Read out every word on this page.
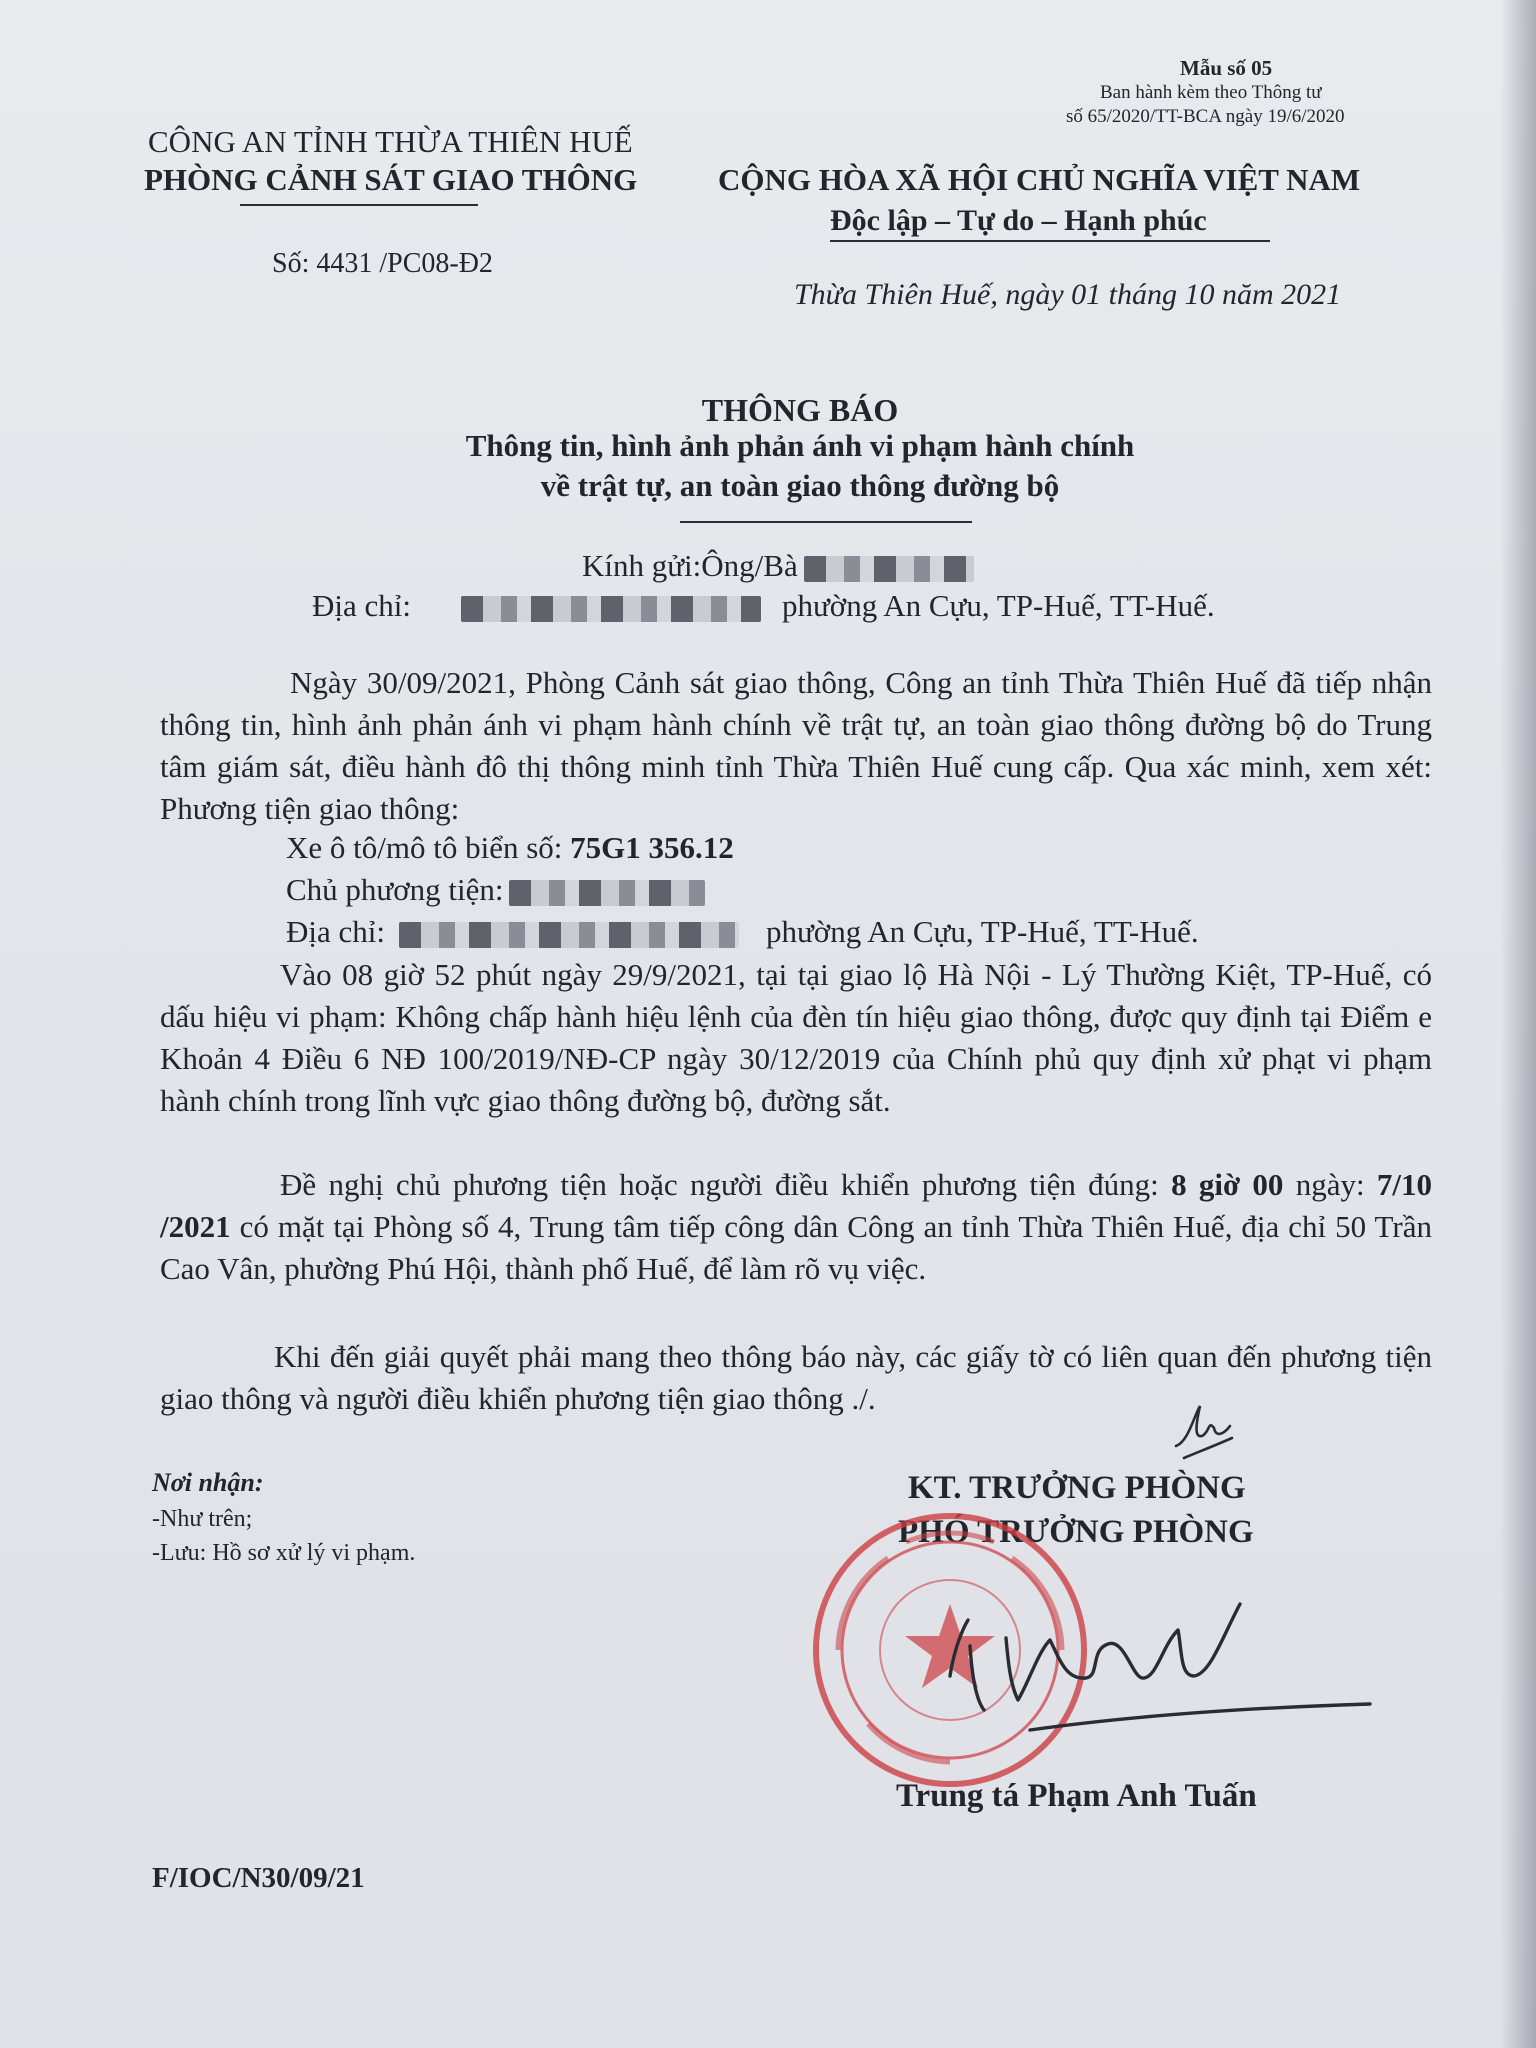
Mẫu số 05
Ban hành kèm theo Thông tư
số 65/2020/TT-BCA ngày 19/6/2020
CÔNG AN TỈNH THỪA THIÊN HUẾ
PHÒNG CẢNH SÁT GIAO THÔNG
Số: 4431 /PC08-Đ2
CỘNG HÒA XÃ HỘI CHỦ NGHĨA VIỆT NAM
Độc lập – Tự do – Hạnh phúc
Thừa Thiên Huế, ngày 01 tháng 10 năm 2021
THÔNG BÁO
Thông tin, hình ảnh phản ánh vi phạm hành chính
về trật tự, an toàn giao thông đường bộ
Kính gửi:Ông/Bà
Địa chỉ:	phường An Cựu, TP-Huế, TT-Huế.
Ngày 30/09/2021, Phòng Cảnh sát giao thông, Công an tỉnh Thừa Thiên Huế đã tiếp nhận thông tin, hình ảnh phản ánh vi phạm hành chính về trật tự, an toàn giao thông đường bộ do Trung tâm giám sát, điều hành đô thị thông minh tỉnh Thừa Thiên Huế cung cấp. Qua xác minh, xem xét: Phương tiện giao thông:
Xe ô tô/mô tô biển số: 75G1 356.12
Chủ phương tiện:
Địa chỉ:	phường An Cựu, TP-Huế, TT-Huế.
Vào 08 giờ 52 phút ngày 29/9/2021, tại tại giao lộ Hà Nội - Lý Thường Kiệt, TP-Huế, có dấu hiệu vi phạm: Không chấp hành hiệu lệnh của đèn tín hiệu giao thông, được quy định tại Điểm e Khoản 4 Điều 6 NĐ 100/2019/NĐ-CP ngày 30/12/2019 của Chính phủ quy định xử phạt vi phạm hành chính trong lĩnh vực giao thông đường bộ, đường sắt.
Đề nghị chủ phương tiện hoặc người điều khiển phương tiện đúng: 8 giờ 00 ngày: 7/10 /2021 có mặt tại Phòng số 4, Trung tâm tiếp công dân Công an tỉnh Thừa Thiên Huế, địa chỉ 50 Trần Cao Vân, phường Phú Hội, thành phố Huế, để làm rõ vụ việc.
Khi đến giải quyết phải mang theo thông báo này, các giấy tờ có liên quan đến phương tiện giao thông và người điều khiển phương tiện giao thông ./.
Nơi nhận:
-Như trên;
-Lưu: Hồ sơ xử lý vi phạm.
KT. TRƯỞNG PHÒNG
PHÓ TRƯỞNG PHÒNG
Trung tá Phạm Anh Tuấn
F/IOC/N30/09/21
